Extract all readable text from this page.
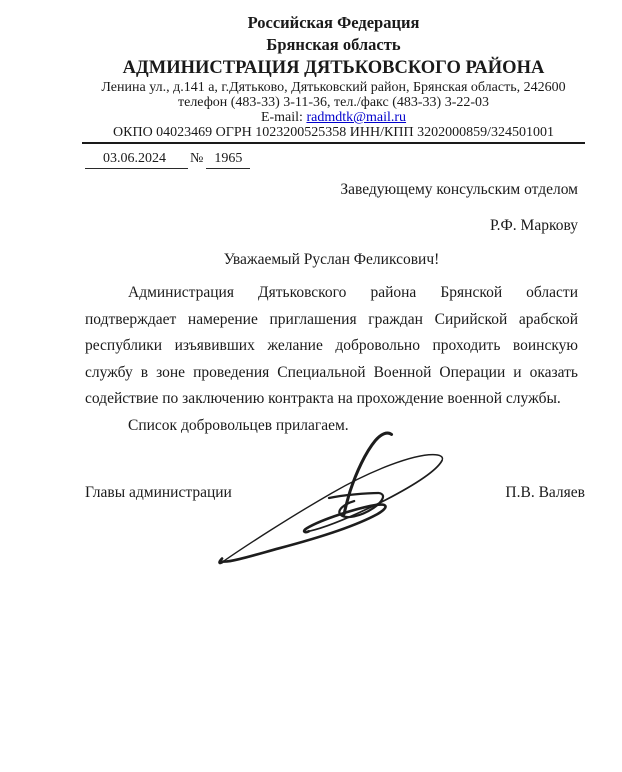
Российская Федерация
Брянская область
АДМИНИСТРАЦИЯ ДЯТЬКОВСКОГО РАЙОНА
Ленина ул., д.141 а, г.Дятьково, Дятьковский район, Брянская область, 242600
телефон (483-33) 3-11-36, тел./факс (483-33) 3-22-03
E-mail: radmdtk@mail.ru
ОКПО 04023469 ОГРН 1023200525358 ИНН/КПП 3202000859/324501001
03.06.2024 № 1965
Заведующему консульским отделом
Р.Ф. Маркову
Уважаемый Руслан Феликсович!

Администрация Дятьковского района Брянской области подтверждает намерение приглашения граждан Сирийской арабской республики изъявивших желание добровольно проходить воинскую службу в зоне проведения Специальной Военной Операции и оказать содействие по заключению контракта на прохождение военной службы.

Список добровольцев прилагаем.

Главы администрации	П.В. Валяев
